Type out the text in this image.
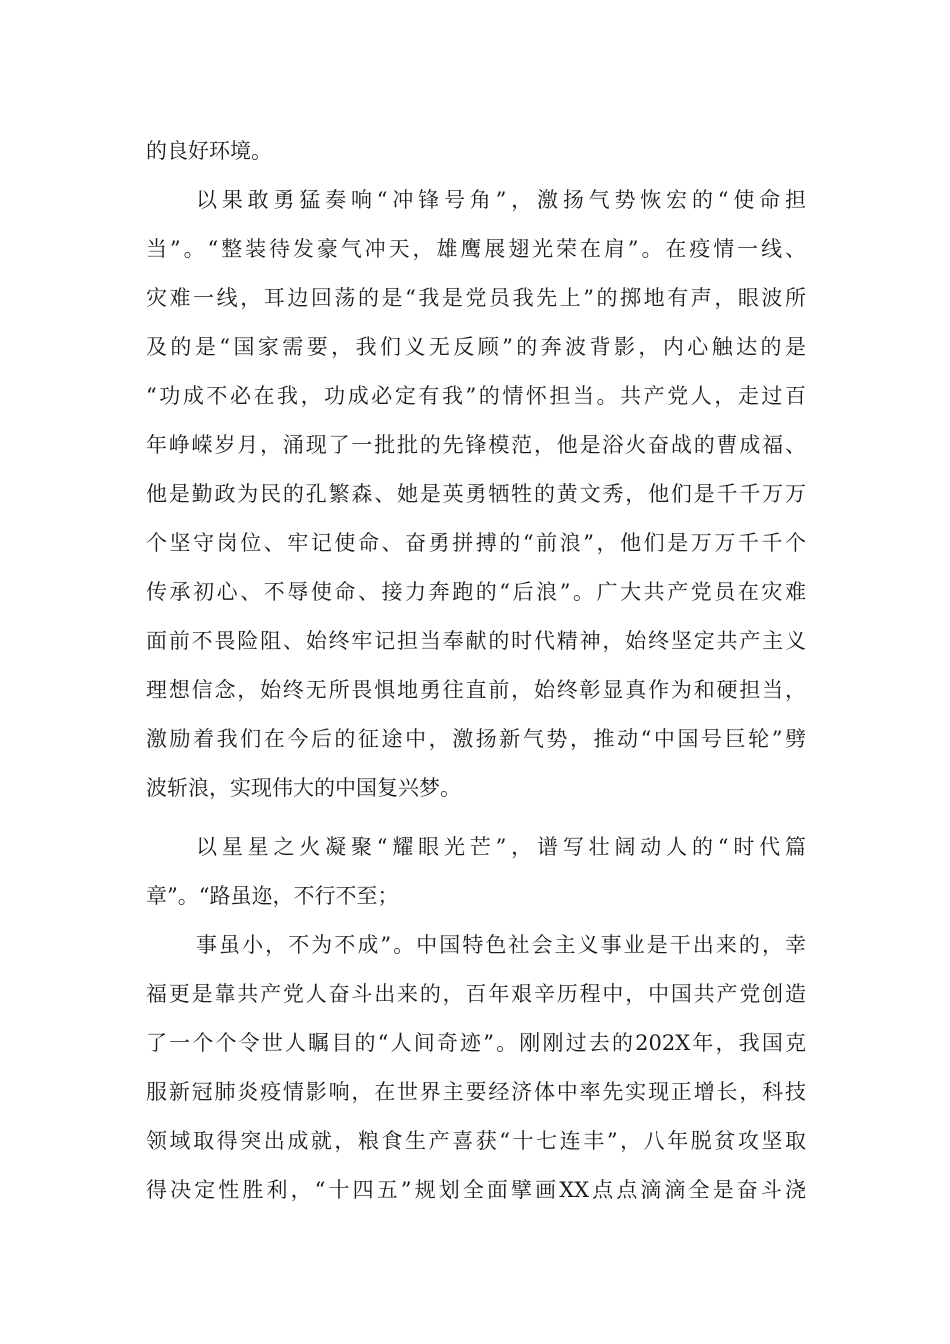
的良好环境。
以果敢勇猛奏响“冲锋号角”，激扬气势恢宏的“使命担
当”。“整装待发豪气冲天，雄鹰展翅光荣在肩”。在疫情一线、
灾难一线，耳边回荡的是“我是党员我先上”的掷地有声，眼波所
及的是“国家需要，我们义无反顾”的奔波背影，内心触达的是
“功成不必在我，功成必定有我”的情怀担当。共产党人，走过百
年峥嵘岁月，涌现了一批批的先锋模范，他是浴火奋战的曹成福、
他是勤政为民的孔繁森、她是英勇牺牲的黄文秀，他们是千千万万
个坚守岗位、牢记使命、奋勇拼搏的“前浪”，他们是万万千千个
传承初心、不辱使命、接力奔跑的“后浪”。广大共产党员在灾难
面前不畏险阻、始终牢记担当奉献的时代精神，始终坚定共产主义
理想信念，始终无所畏惧地勇往直前，始终彰显真作为和硬担当，
激励着我们在今后的征途中，激扬新气势，推动“中国号巨轮”劈
波斩浪，实现伟大的中国复兴梦。
以星星之火凝聚“耀眼光芒”，谱写壮阔动人的“时代篇
章”。“路虽迩，不行不至；
事虽小，不为不成”。中国特色社会主义事业是干出来的，幸
福更是靠共产党人奋斗出来的，百年艰辛历程中，中国共产党创造
了一个个令世人瞩目的“人间奇迹”。刚刚过去的202X年，我国克
服新冠肺炎疫情影响，在世界主要经济体中率先实现正增长，科技
领域取得突出成就，粮食生产喜获“十七连丰”，八年脱贫攻坚取
得决定性胜利，“十四五”规划全面擘画XX点点滴滴全是奋斗浇
